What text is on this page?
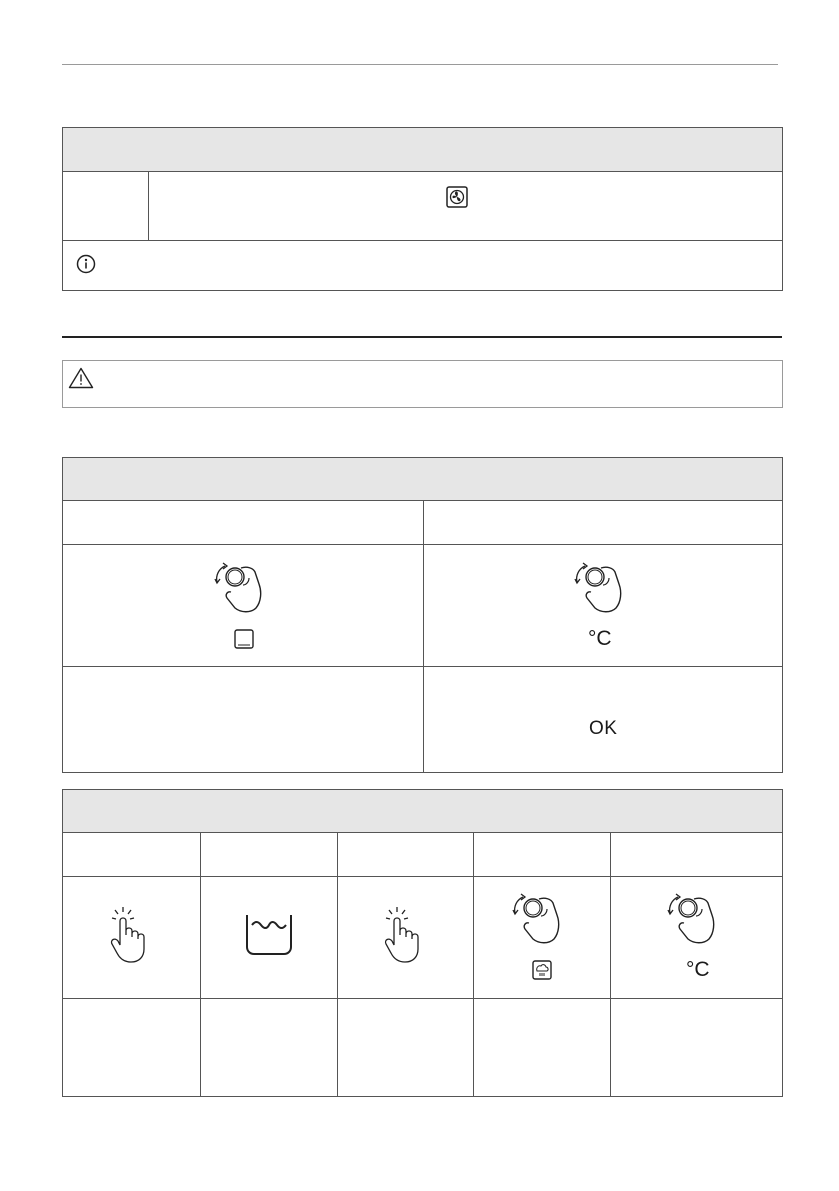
°C
OK
°C
